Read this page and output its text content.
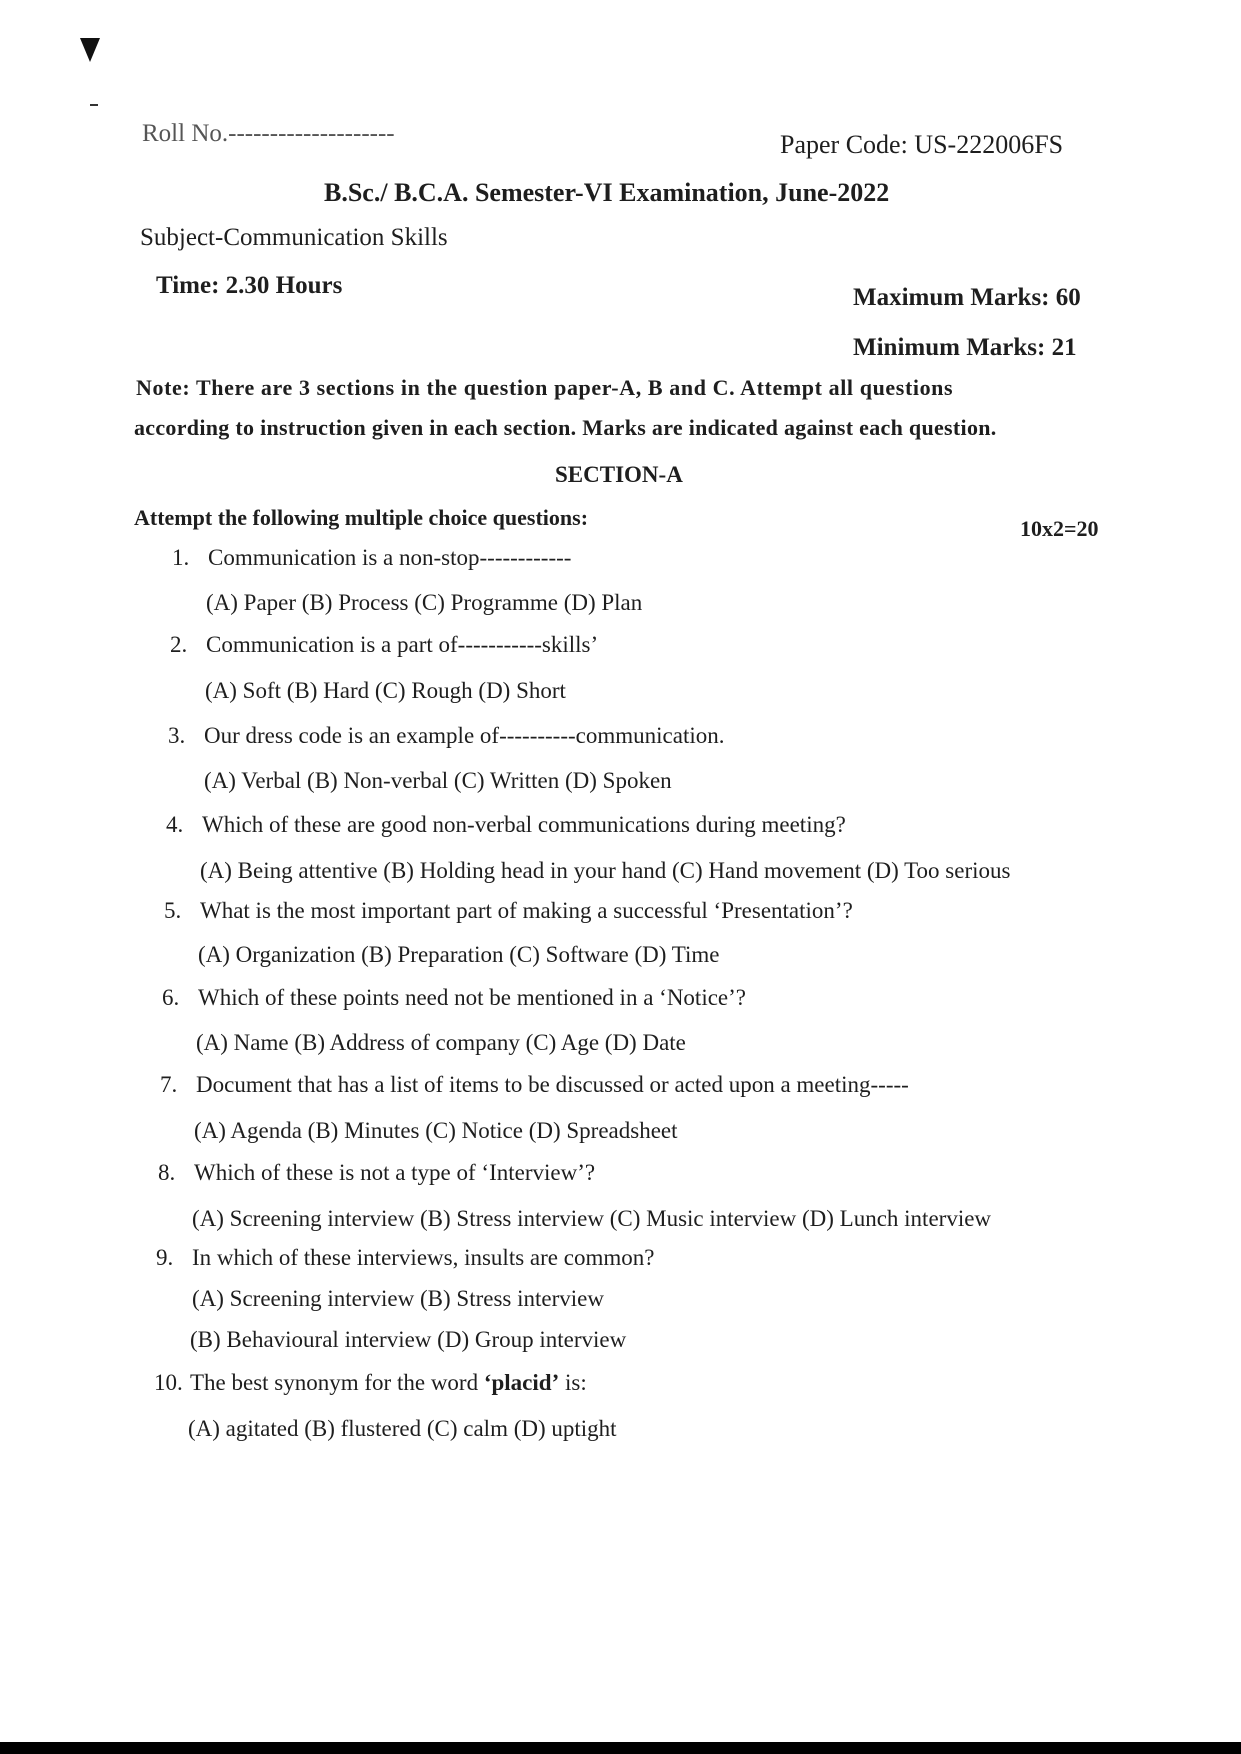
Roll No.--------------------	Paper Code: US-222006FS
B.Sc./ B.C.A. Semester-VI Examination, June-2022
Subject-Communication Skills
Time: 2.30 Hours	Maximum Marks: 60
Minimum Marks: 21
Note: There are 3 sections in the question paper-A, B and C. Attempt all questions
according to instruction given in each section. Marks are indicated against each question.
SECTION-A
Attempt the following multiple choice questions:	10x2=20
1. Communication is a non-stop------------
(A) Paper (B) Process (C) Programme (D) Plan
2. Communication is a part of-----------skills’
(A) Soft (B) Hard (C) Rough (D) Short
3. Our dress code is an example of----------communication.
(A) Verbal (B) Non-verbal (C) Written (D) Spoken
4. Which of these are good non-verbal communications during meeting?
(A) Being attentive (B) Holding head in your hand (C) Hand movement (D) Too serious
5. What is the most important part of making a successful ‘Presentation’?
(A) Organization (B) Preparation (C) Software (D) Time
6. Which of these points need not be mentioned in a ‘Notice’?
(A) Name (B) Address of company (C) Age (D) Date
7. Document that has a list of items to be discussed or acted upon a meeting-----
(A) Agenda (B) Minutes (C) Notice (D) Spreadsheet
8. Which of these is not a type of ‘Interview’?
(A) Screening interview (B) Stress interview (C) Music interview (D) Lunch interview
9. In which of these interviews, insults are common?
(A) Screening interview (B) Stress interview
(B) Behavioural interview (D) Group interview
10. The best synonym for the word ‘placid’ is:
(A) agitated (B) flustered (C) calm (D) uptight
